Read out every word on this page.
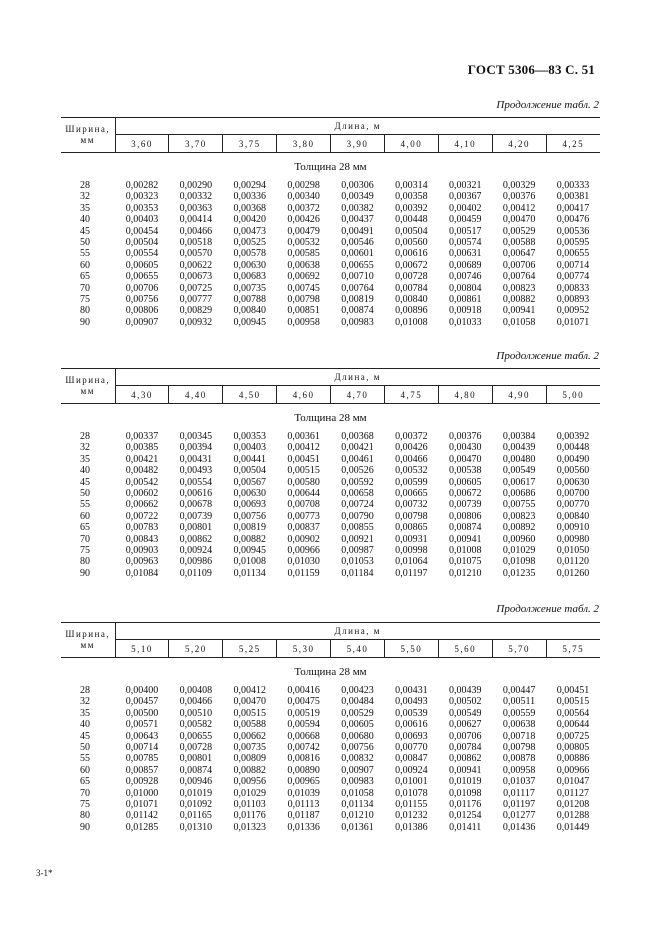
ГОСТ 5306—83 С. 51
Продолжение табл. 2
Ширина, мм	Длина, м								
	3,60	3,70	3,75	3,80	3,90	4,00	4,10	4,20	4,25
Толщина 28 мм									
28	0,00282	0,00290	0,00294	0,00298	0,00306	0,00314	0,00321	0,00329	0,00333
32	0,00323	0,00332	0,00336	0,00340	0,00349	0,00358	0,00367	0,00376	0,00381
35	0,00353	0,00363	0,00368	0,00372	0,00382	0,00392	0,00402	0,00412	0,00417
40	0,00403	0,00414	0,00420	0,00426	0,00437	0,00448	0,00459	0,00470	0,00476
45	0,00454	0,00466	0,00473	0,00479	0,00491	0,00504	0,00517	0,00529	0,00536
50	0,00504	0,00518	0,00525	0,00532	0,00546	0,00560	0,00574	0,00588	0,00595
55	0,00554	0,00570	0,00578	0,00585	0,00601	0,00616	0,00631	0,00647	0,00655
60	0,00605	0,00622	0,00630	0,00638	0,00655	0,00672	0,00689	0,00706	0,00714
65	0,00655	0,00673	0,00683	0,00692	0,00710	0,00728	0,00746	0,00764	0,00774
70	0,00706	0,00725	0,00735	0,00745	0,00764	0,00784	0,00804	0,00823	0,00833
75	0,00756	0,00777	0,00788	0,00798	0,00819	0,00840	0,00861	0,00882	0,00893
80	0,00806	0,00829	0,00840	0,00851	0,00874	0,00896	0,00918	0,00941	0,00952
90	0,00907	0,00932	0,00945	0,00958	0,00983	0,01008	0,01033	0,01058	0,01071
Продолжение табл. 2
Ширина, мм	Длина, м								
	4,30	4,40	4,50	4,60	4,70	4,75	4,80	4,90	5,00
Толщина 28 мм									
28	0,00337	0,00345	0,00353	0,00361	0,00368	0,00372	0,00376	0,00384	0,00392
32	0,00385	0,00394	0,00403	0,00412	0,00421	0,00426	0,00430	0,00439	0,00448
35	0,00421	0,00431	0,00441	0,00451	0,00461	0,00466	0,00470	0,00480	0,00490
40	0,00482	0,00493	0,00504	0,00515	0,00526	0,00532	0,00538	0,00549	0,00560
45	0,00542	0,00554	0,00567	0,00580	0,00592	0,00599	0,00605	0,00617	0,00630
50	0,00602	0,00616	0,00630	0,00644	0,00658	0,00665	0,00672	0,00686	0,00700
55	0,00662	0,00678	0,00693	0,00708	0,00724	0,00732	0,00739	0,00755	0,00770
60	0,00722	0,00739	0,00756	0,00773	0,00790	0,00798	0,00806	0,00823	0,00840
65	0,00783	0,00801	0,00819	0,00837	0,00855	0,00865	0,00874	0,00892	0,00910
70	0,00843	0,00862	0,00882	0,00902	0,00921	0,00931	0,00941	0,00960	0,00980
75	0,00903	0,00924	0,00945	0,00966	0,00987	0,00998	0,01008	0,01029	0,01050
80	0,00963	0,00986	0,01008	0,01030	0,01053	0,01064	0,01075	0,01098	0,01120
90	0,01084	0,01109	0,01134	0,01159	0,01184	0,01197	0,01210	0,01235	0,01260
Продолжение табл. 2
Ширина, мм	Длина, м								
	5,10	5,20	5,25	5,30	5,40	5,50	5,60	5,70	5,75
Толщина 28 мм									
28	0,00400	0,00408	0,00412	0,00416	0,00423	0,00431	0,00439	0,00447	0,00451
32	0,00457	0,00466	0,00470	0,00475	0,00484	0,00493	0,00502	0,00511	0,00515
35	0,00500	0,00510	0,00515	0,00519	0,00529	0,00539	0,00549	0,00559	0,00564
40	0,00571	0,00582	0,00588	0,00594	0,00605	0,00616	0,00627	0,00638	0,00644
45	0,00643	0,00655	0,00662	0,00668	0,00680	0,00693	0,00706	0,00718	0,00725
50	0,00714	0,00728	0,00735	0,00742	0,00756	0,00770	0,00784	0,00798	0,00805
55	0,00785	0,00801	0,00809	0,00816	0,00832	0,00847	0,00862	0,00878	0,00886
60	0,00857	0,00874	0,00882	0,00890	0,00907	0,00924	0,00941	0,00958	0,00966
65	0,00928	0,00946	0,00956	0,00965	0,00983	0,01001	0,01019	0,01037	0,01047
70	0,01000	0,01019	0,01029	0,01039	0,01058	0,01078	0,01098	0,01117	0,01127
75	0,01071	0,01092	0,01103	0,01113	0,01134	0,01155	0,01176	0,01197	0,01208
80	0,01142	0,01165	0,01176	0,01187	0,01210	0,01232	0,01254	0,01277	0,01288
90	0,01285	0,01310	0,01323	0,01336	0,01361	0,01386	0,01411	0,01436	0,01449
3-1*
